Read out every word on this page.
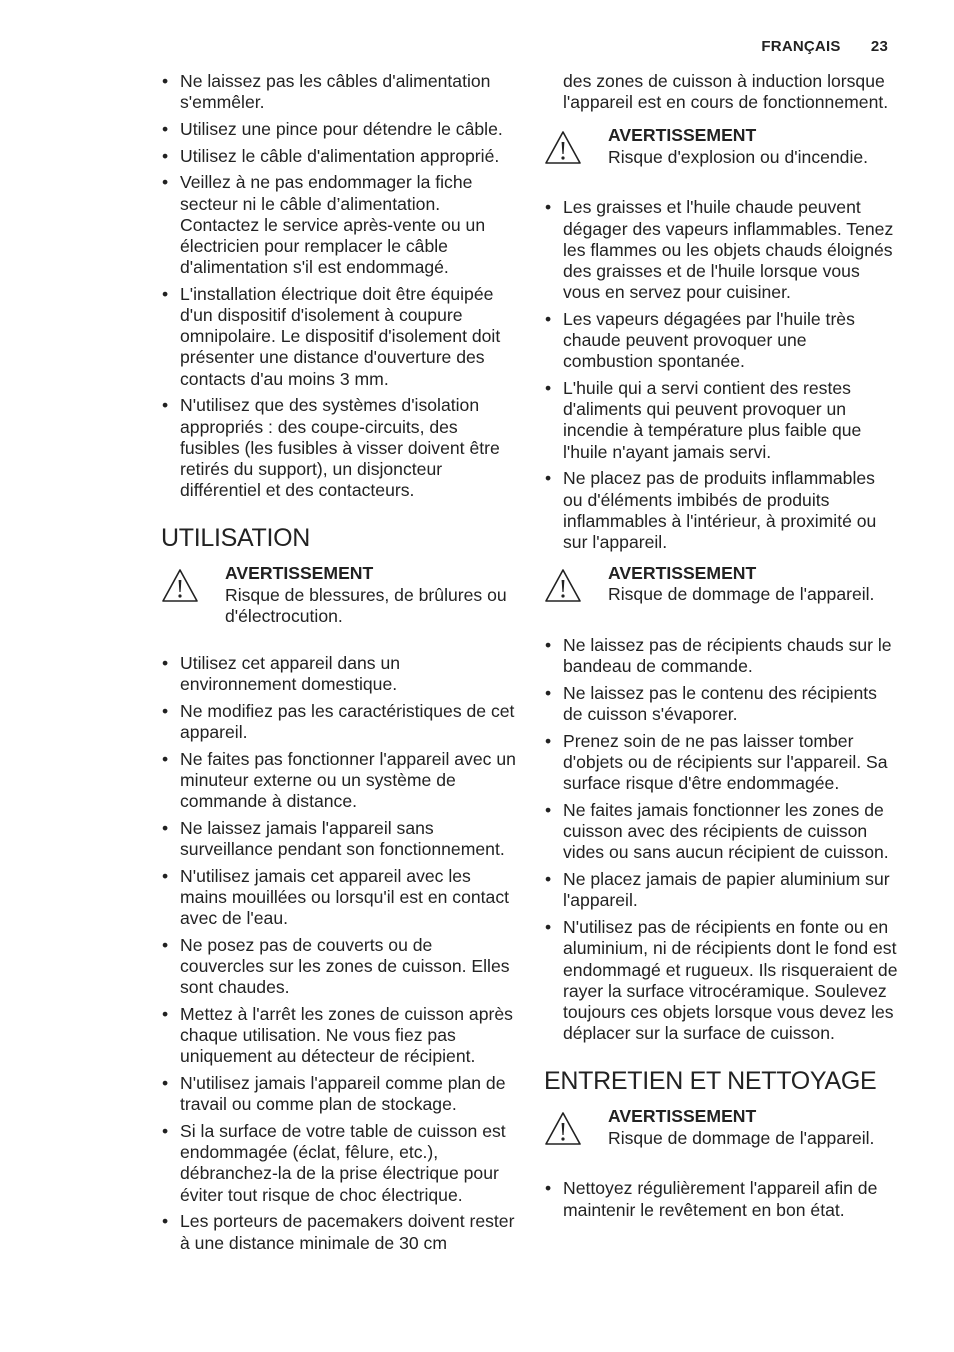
FRANÇAIS 23
• Ne laissez pas les câbles d'alimentation s'emmêler.
• Utilisez une pince pour détendre le câble.
• Utilisez le câble d'alimentation approprié.
• Veillez à ne pas endommager la fiche secteur ni le câble d’alimentation. Contactez le service après-vente ou un électricien pour remplacer le câble d'alimentation s'il est endommagé.
• L'installation électrique doit être équipée d'un dispositif d'isolement à coupure omnipolaire. Le dispositif d'isolement doit présenter une distance d'ouverture des contacts d'au moins 3 mm.
• N'utilisez que des systèmes d'isolation appropriés : des coupe-circuits, des fusibles (les fusibles à visser doivent être retirés du support), un disjoncteur différentiel et des contacteurs.
UTILISATION
AVERTISSEMENT
Risque de blessures, de brûlures ou d'électrocution.
• Utilisez cet appareil dans un environnement domestique.
• Ne modifiez pas les caractéristiques de cet appareil.
• Ne faites pas fonctionner l'appareil avec un minuteur externe ou un système de commande à distance.
• Ne laissez jamais l'appareil sans surveillance pendant son fonctionnement.
• N'utilisez jamais cet appareil avec les mains mouillées ou lorsqu'il est en contact avec de l'eau.
• Ne posez pas de couverts ou de couvercles sur les zones de cuisson. Elles sont chaudes.
• Mettez à l'arrêt les zones de cuisson après chaque utilisation. Ne vous fiez pas uniquement au détecteur de récipient.
• N'utilisez jamais l'appareil comme plan de travail ou comme plan de stockage.
• Si la surface de votre table de cuisson est endommagée (éclat, fêlure, etc.), débranchez-la de la prise électrique pour éviter tout risque de choc électrique.
• Les porteurs de pacemakers doivent rester à une distance minimale de 30 cm

des zones de cuisson à induction lorsque l'appareil est en cours de fonctionnement.

AVERTISSEMENT
Risque d'explosion ou d'incendie.
• Les graisses et l'huile chaude peuvent dégager des vapeurs inflammables. Tenez les flammes ou les objets chauds éloignés des graisses et de l'huile lorsque vous vous en servez pour cuisiner.
• Les vapeurs dégagées par l'huile très chaude peuvent provoquer une combustion spontanée.
• L'huile qui a servi contient des restes d'aliments qui peuvent provoquer un incendie à température plus faible que l'huile n'ayant jamais servi.
• Ne placez pas de produits inflammables ou d'éléments imbibés de produits inflammables à l'intérieur, à proximité ou sur l'appareil.
AVERTISSEMENT
Risque de dommage de l'appareil.
• Ne laissez pas de récipients chauds sur le bandeau de commande.
• Ne laissez pas le contenu des récipients de cuisson s'évaporer.
• Prenez soin de ne pas laisser tomber d'objets ou de récipients sur l'appareil. Sa surface risque d'être endommagée.
• Ne faites jamais fonctionner les zones de cuisson avec des récipients de cuisson vides ou sans aucun récipient de cuisson.
• Ne placez jamais de papier aluminium sur l'appareil.
• N'utilisez pas de récipients en fonte ou en aluminium, ni de récipients dont le fond est endommagé et rugueux. Ils risqueraient de rayer la surface vitrocéramique. Soulevez toujours ces objets lorsque vous devez les déplacer sur la surface de cuisson.
ENTRETIEN ET NETTOYAGE
AVERTISSEMENT
Risque de dommage de l'appareil.
• Nettoyez régulièrement l'appareil afin de maintenir le revêtement en bon état.
